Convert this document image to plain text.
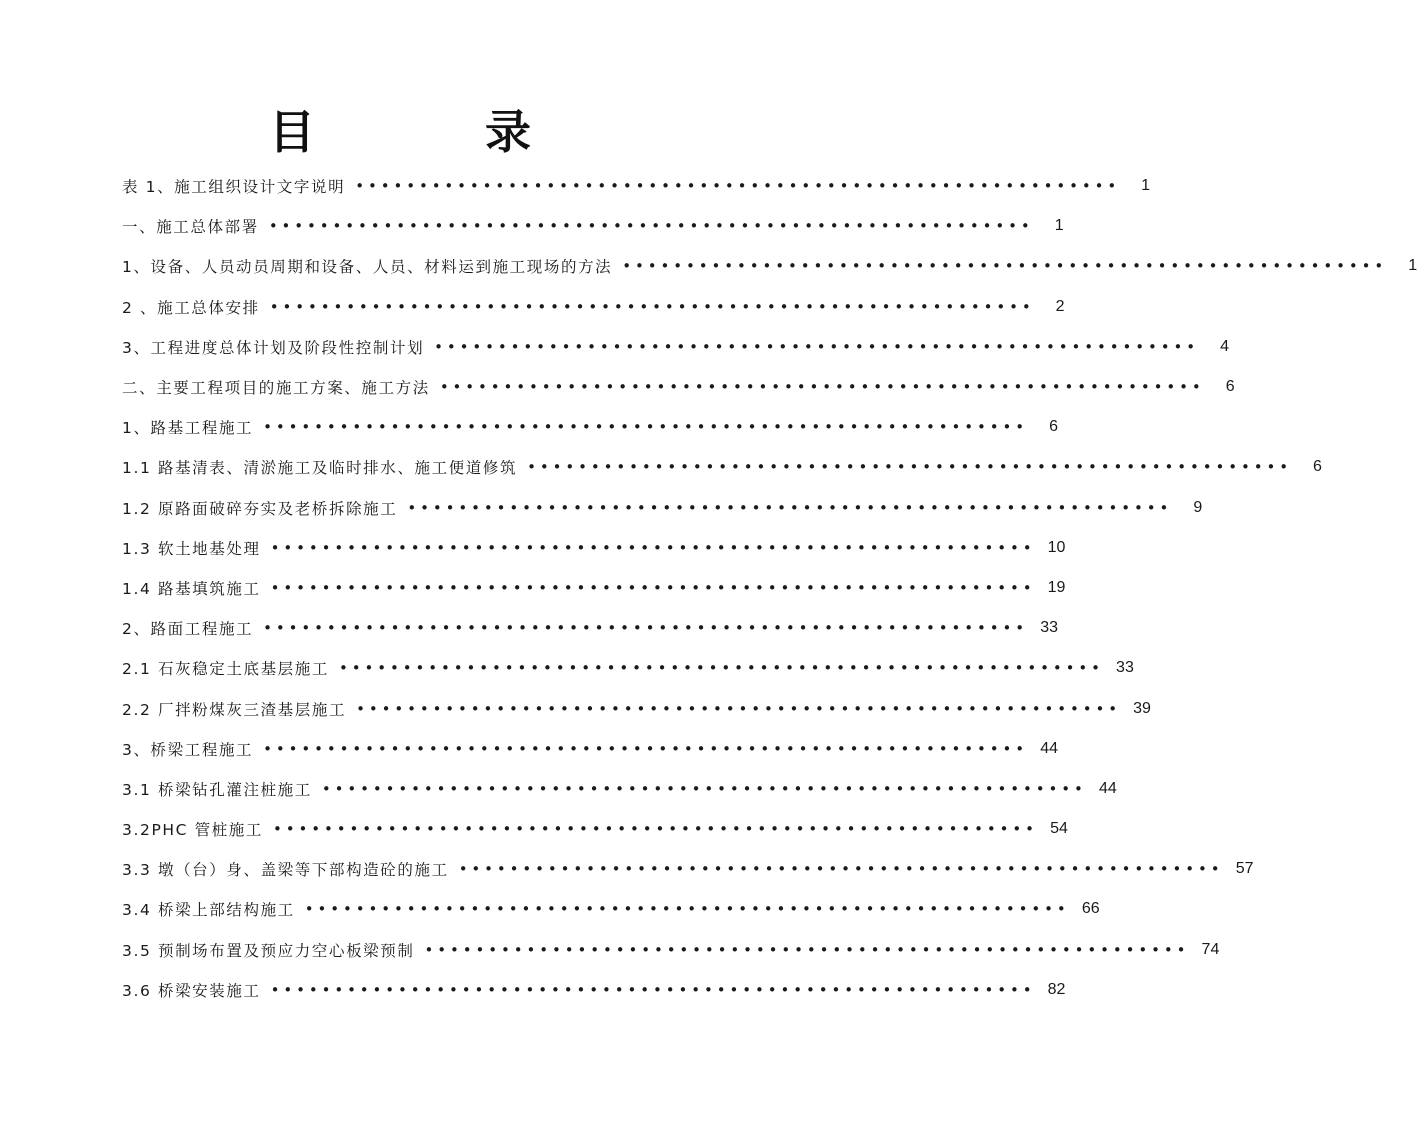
目　录
表 1、施工组织设计文字说明 ••••••••••••••••••••••••••••••••••••••••••••••••••••••••••••	1
一、施工总体部署 ••••••••••••••••••••••••••••••••••••••••••••••••••••••••••••	1
1、设备、人员动员周期和设备、人员、材料运到施工现场的方法 ••••••••••••••••••••••••••••••••••••••••••••••••••••••••••••	1
2 、施工总体安排 ••••••••••••••••••••••••••••••••••••••••••••••••••••••••••••	2
3、工程进度总体计划及阶段性控制计划 ••••••••••••••••••••••••••••••••••••••••••••••••••••••••••••	4
二、主要工程项目的施工方案、施工方法 ••••••••••••••••••••••••••••••••••••••••••••••••••••••••••••	6
1、路基工程施工 ••••••••••••••••••••••••••••••••••••••••••••••••••••••••••••	6
1.1 路基清表、清淤施工及临时排水、施工便道修筑 ••••••••••••••••••••••••••••••••••••••••••••••••••••••••••••	6
1.2 原路面破碎夯实及老桥拆除施工 ••••••••••••••••••••••••••••••••••••••••••••••••••••••••••••	9
1.3 软土地基处理 •••••••••••••••••••••••••••••••••••••••••••••••••••••••••••• 10
1.4 路基填筑施工 •••••••••••••••••••••••••••••••••••••••••••••••••••••••••••• 19
2、路面工程施工 •••••••••••••••••••••••••••••••••••••••••••••••••••••••••••• 33
2.1 石灰稳定土底基层施工 •••••••••••••••••••••••••••••••••••••••••••••••••••••••••••• 33
2.2 厂拌粉煤灰三渣基层施工 •••••••••••••••••••••••••••••••••••••••••••••••••••••••••••• 39
3、桥梁工程施工 •••••••••••••••••••••••••••••••••••••••••••••••••••••••••••• 44
3.1 桥梁钻孔灌注桩施工 •••••••••••••••••••••••••••••••••••••••••••••••••••••••••••• 44
3.2PHC 管桩施工 •••••••••••••••••••••••••••••••••••••••••••••••••••••••••••• 54
3.3 墩（台）身、盖梁等下部构造砼的施工 •••••••••••••••••••••••••••••••••••••••••••••••••••••••••••• 57
3.4 桥梁上部结构施工 •••••••••••••••••••••••••••••••••••••••••••••••••••••••••••• 66
3.5 预制场布置及预应力空心板梁预制 •••••••••••••••••••••••••••••••••••••••••••••••••••••••••••• 74
3.6 桥梁安装施工 •••••••••••••••••••••••••••••••••••••••••••••••••••••••••••• 82
